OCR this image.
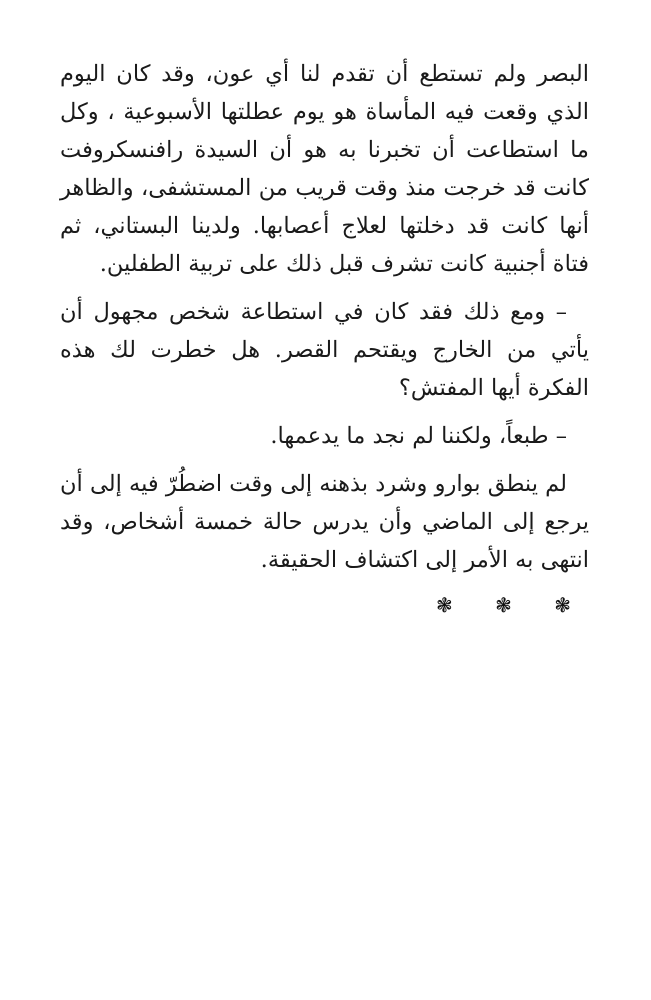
البصر ولم تستطع أن تقدم لنا أي عون، وقد كان اليوم الذي وقعت فيه المأساة هو يوم عطلتها الأسبوعية ، وكل ما استطاعت أن تخبرنا به هو أن السيدة رافنسكروفت كانت قد خرجت منذ وقت قريب من المستشفى، والظاهر أنها كانت قد دخلتها لعلاج أعصابها. ولدينا البستاني، ثم فتاة أجنبية كانت تشرف قبل ذلك على تربية الطفلين.

– ومع ذلك فقد كان في استطاعة شخص مجهول أن يأتي من الخارج ويقتحم القصر. هل خطرت لك هذه الفكرة أيها المفتش؟

– طبعاً، ولكننا لم نجد ما يدعمها.

لم ينطق بوارو وشرد بذهنه إلى وقت اضطُرّ فيه إلى أن يرجع إلى الماضي وأن يدرس حالة خمسة أشخاص، وقد انتهى به الأمر إلى اكتشاف الحقيقة.

❃ ❃ ❃
